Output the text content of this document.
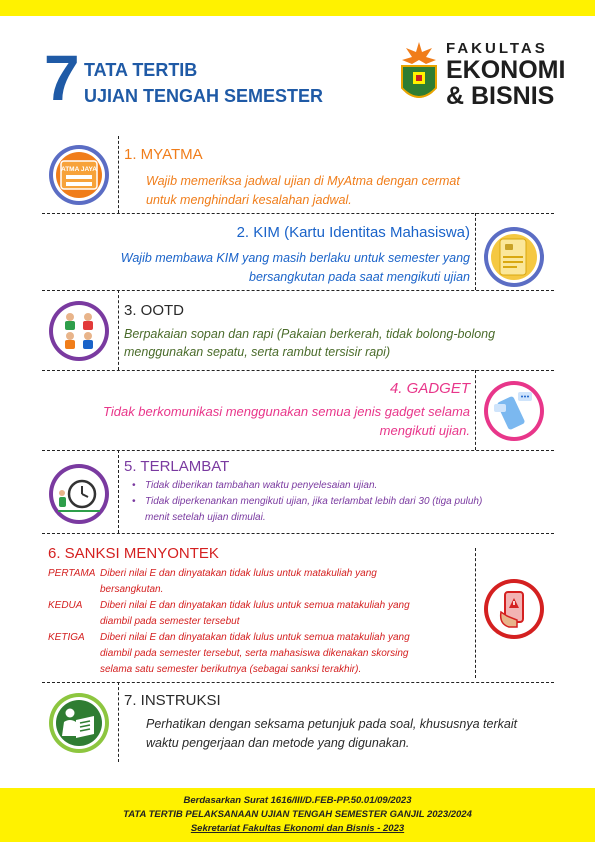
7 TATA TERTIB
UJIAN TENGAH SEMESTER
FAKULTAS
EKONOMI
& BISNIS
ATMA JAYA
1. MYATMA
Wajib memeriksa jadwal ujian di MyAtma dengan cermat
untuk menghindari kesalahan jadwal.
2. KIM (Kartu Identitas Mahasiswa)
Wajib membawa KIM yang masih berlaku untuk semester yang
bersangkutan pada saat mengikuti ujian
3. OOTD
Berpakaian sopan dan rapi (Pakaian berkerah, tidak bolong-bolong
menggunakan sepatu, serta rambut tersisir rapi)
4. GADGET
Tidak berkomunikasi menggunakan semua jenis gadget selama
mengikuti ujian.
5. TERLAMBAT
• Tidak diberikan tambahan waktu penyelesaian ujian.
• Tidak diperkenankan mengikuti ujian, jika terlambat lebih dari 30 (tiga puluh)
menit setelah ujian dimulai.
6. SANKSI MENYONTEK
PERTAMA Diberi nilai E dan dinyatakan tidak lulus untuk matakuliah yang
bersangkutan.
KEDUA Diberi nilai E dan dinyatakan tidak lulus untuk semua matakuliah yang
diambil pada semester tersebut
KETIGA Diberi nilai E dan dinyatakan tidak lulus untuk semua matakuliah yang
diambil pada semester tersebut, serta mahasiswa dikenakan skorsing
selama satu semester berikutnya (sebagai sanksi terakhir).
7. INSTRUKSI
Perhatikan dengan seksama petunjuk pada soal, khususnya terkait
waktu pengerjaan dan metode yang digunakan.
Berdasarkan Surat 1616/III/D.FEB-PP.50.01/09/2023
TATA TERTIB PELAKSANAAN UJIAN TENGAH SEMESTER GANJIL 2023/2024
Sekretariat Fakultas Ekonomi dan Bisnis - 2023
